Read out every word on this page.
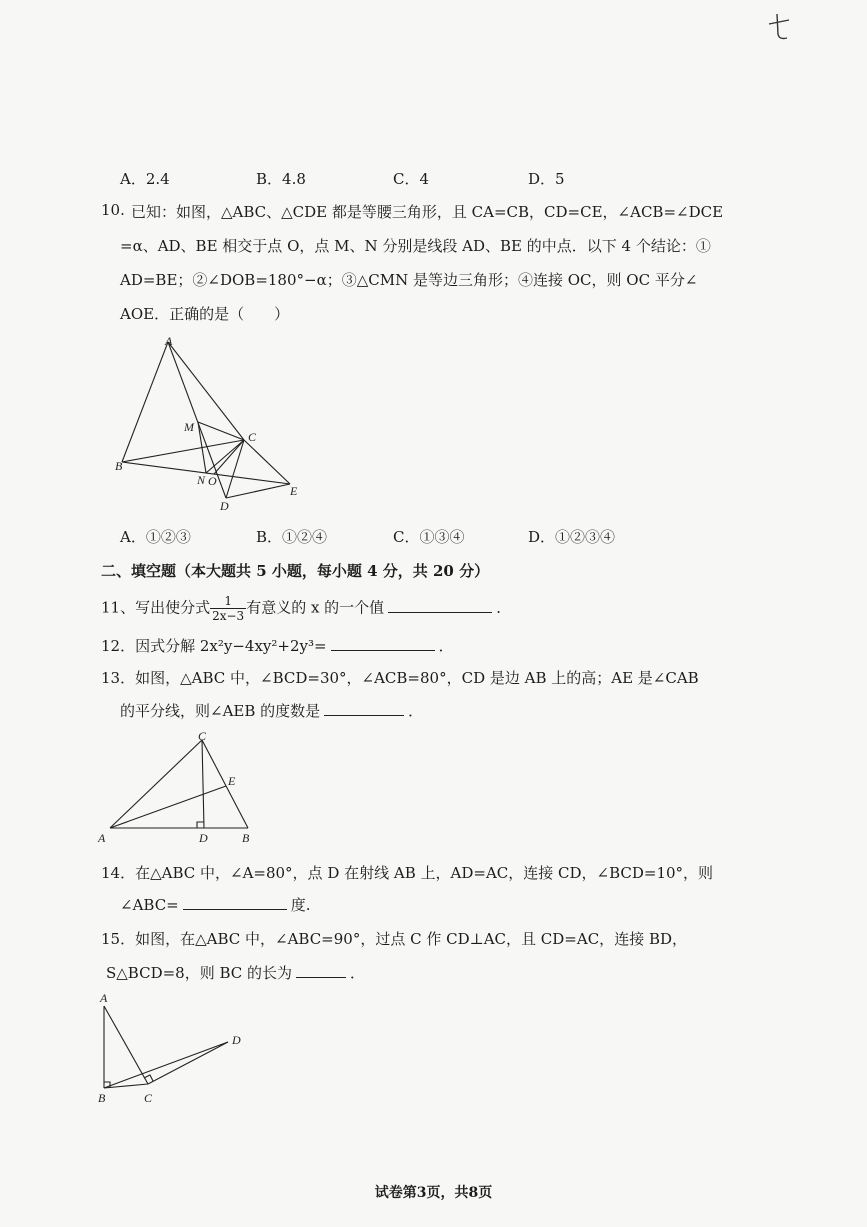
A．2.4	B．4.8	C．4	D．5
10. 已知：如图，△ABC、△CDE 都是等腰三角形，且 CA=CB，CD=CE，∠ACB=∠DCE
=α、AD、BE 相交于点 O，点 M、N 分别是线段 AD、BE 的中点．以下 4 个结论：①
AD=BE；②∠DOB=180°−α；③△CMN 是等边三角形；④连接 OC，则 OC 平分∠
AOE．正确的是（　　）
A
B
C
D
E
M
N O
A．①②③	B．①②④	C．①③④	D．①②③④
二、填空题（本大题共 5 小题，每小题 4 分，共 20 分）
11、写出使分式 $\frac{1}{2x-3}$ 有意义的 x 的一个值	．
12．因式分解 2x²y−4xy²+2y³=	．
13．如图，△ABC 中，∠BCD=30°，∠ACB=80°，CD 是边 AB 上的高；AE 是∠CAB
的平分线，则∠AEB 的度数是	．
C
A	D	B
E
14．在△ABC 中，∠A=80°，点 D 在射线 AB 上，AD=AC，连接 CD，∠BCD=10°，则
∠ABC=	度.
15．如图，在△ABC 中，∠ABC=90°，过点 C 作 CD⊥AC，且 CD=AC，连接 BD，
S△BCD=8，则 BC 的长为	．
A
B	C
D
试卷第3页，共8页
